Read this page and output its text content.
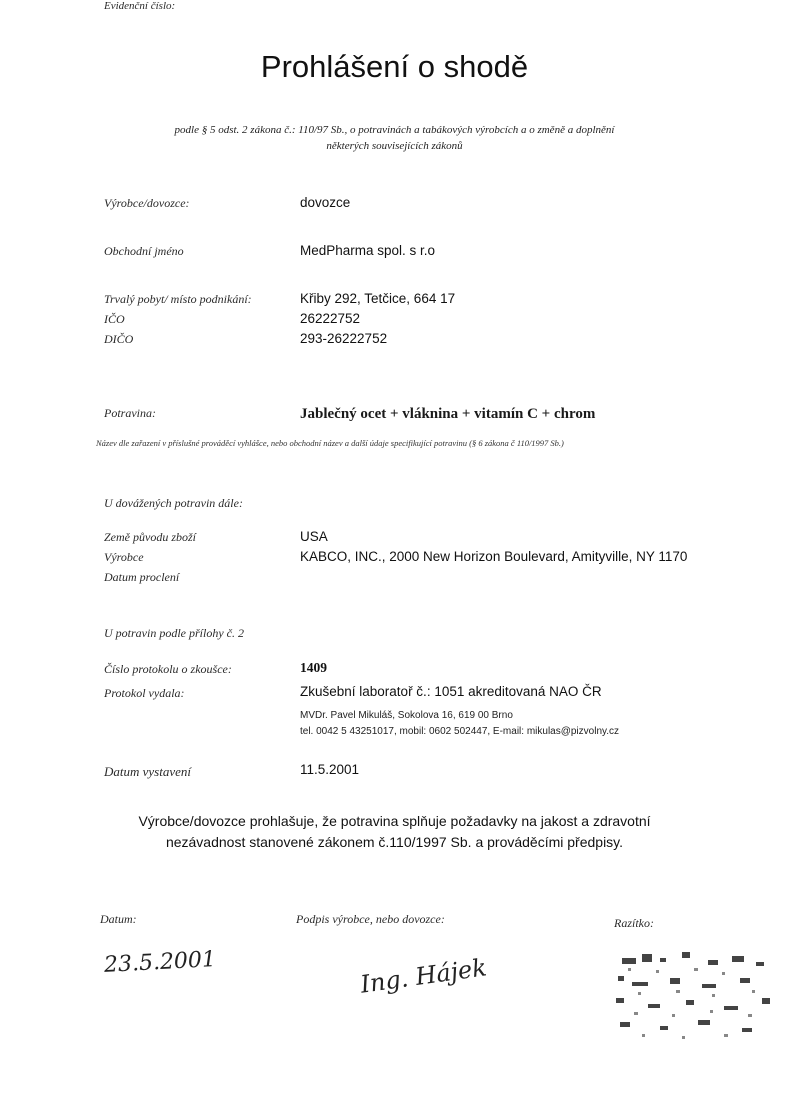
Evidenční číslo:
Prohlášení o shodě
podle § 5 odst. 2 zákona č.: 110/97 Sb., o potravinách a tabákových výrobcích a o změně a doplnění
některých souvisejících zákonů
Výrobce/dovozce:	dovozce
Obchodní jméno	MedPharma spol. s r.o
Trvalý pobyt/ místo podnikání:	Křiby 292, Tetčice, 664 17
IČO	26222752
DIČO	293-26222752
Potravina:	Jablečný ocet + vláknina + vitamín C + chrom
Název dle zařazení v příslušné prováděcí vyhlášce, nebo obchodní název a další údaje specifikující potravinu (§ 6 zákona č 110/1997 Sb.)
U dovážených potravin dále:
Země původu zboží	USA
Výrobce	KABCO, INC., 2000 New Horizon Boulevard, Amityville, NY 1170
Datum proclení
U potravin podle přílohy č. 2
Číslo protokolu o zkoušce:	1409
Protokol vydala:	Zkušební laboratoř č.: 1051 akreditovaná NAO ČR
MVDr. Pavel Mikuláš, Sokolova 16, 619 00 Brno
tel. 0042 5 43251017, mobil: 0602 502447, E-mail: mikulas@pizvolny.cz
Datum vystavení	11.5.2001
Výrobce/dovozce prohlašuje, že potravina splňuje požadavky na jakost a zdravotní
nezávadnost stanovené zákonem č.110/1997 Sb. a prováděcími předpisy.
Datum:
23.5.2001
Podpis výrobce, nebo dovozce:
Ing. Hájek
Razítko:
